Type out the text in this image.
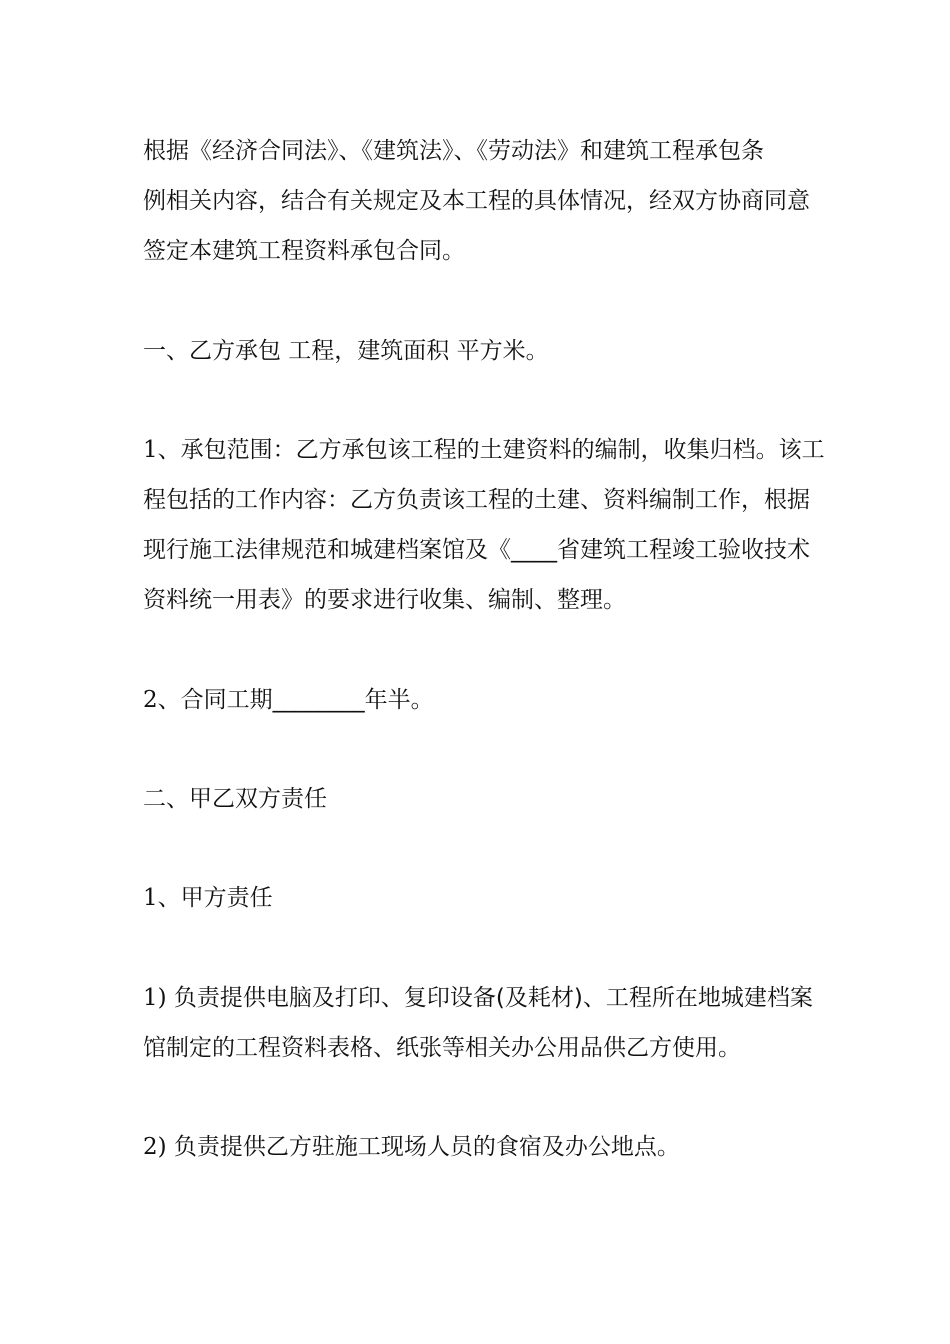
根据《经济合同法》、《建筑法》、《劳动法》和建筑工程承包条
例相关内容，结合有关规定及本工程的具体情况，经双方协商同意
签定本建筑工程资料承包合同。
一、乙方承包 工程，建筑面积 平方米。
1、承包范围：乙方承包该工程的土建资料的编制，收集归档。该工
程包括的工作内容：乙方负责该工程的土建、资料编制工作，根据
现行施工法律规范和城建档案馆及《____省建筑工程竣工验收技术
资料统一用表》的要求进行收集、编制、整理。
2、合同工期________年半。
二、甲乙双方责任
1、甲方责任
1) 负责提供电脑及打印、复印设备(及耗材)、工程所在地城建档案
馆制定的工程资料表格、纸张等相关办公用品供乙方使用。
2) 负责提供乙方驻施工现场人员的食宿及办公地点。
